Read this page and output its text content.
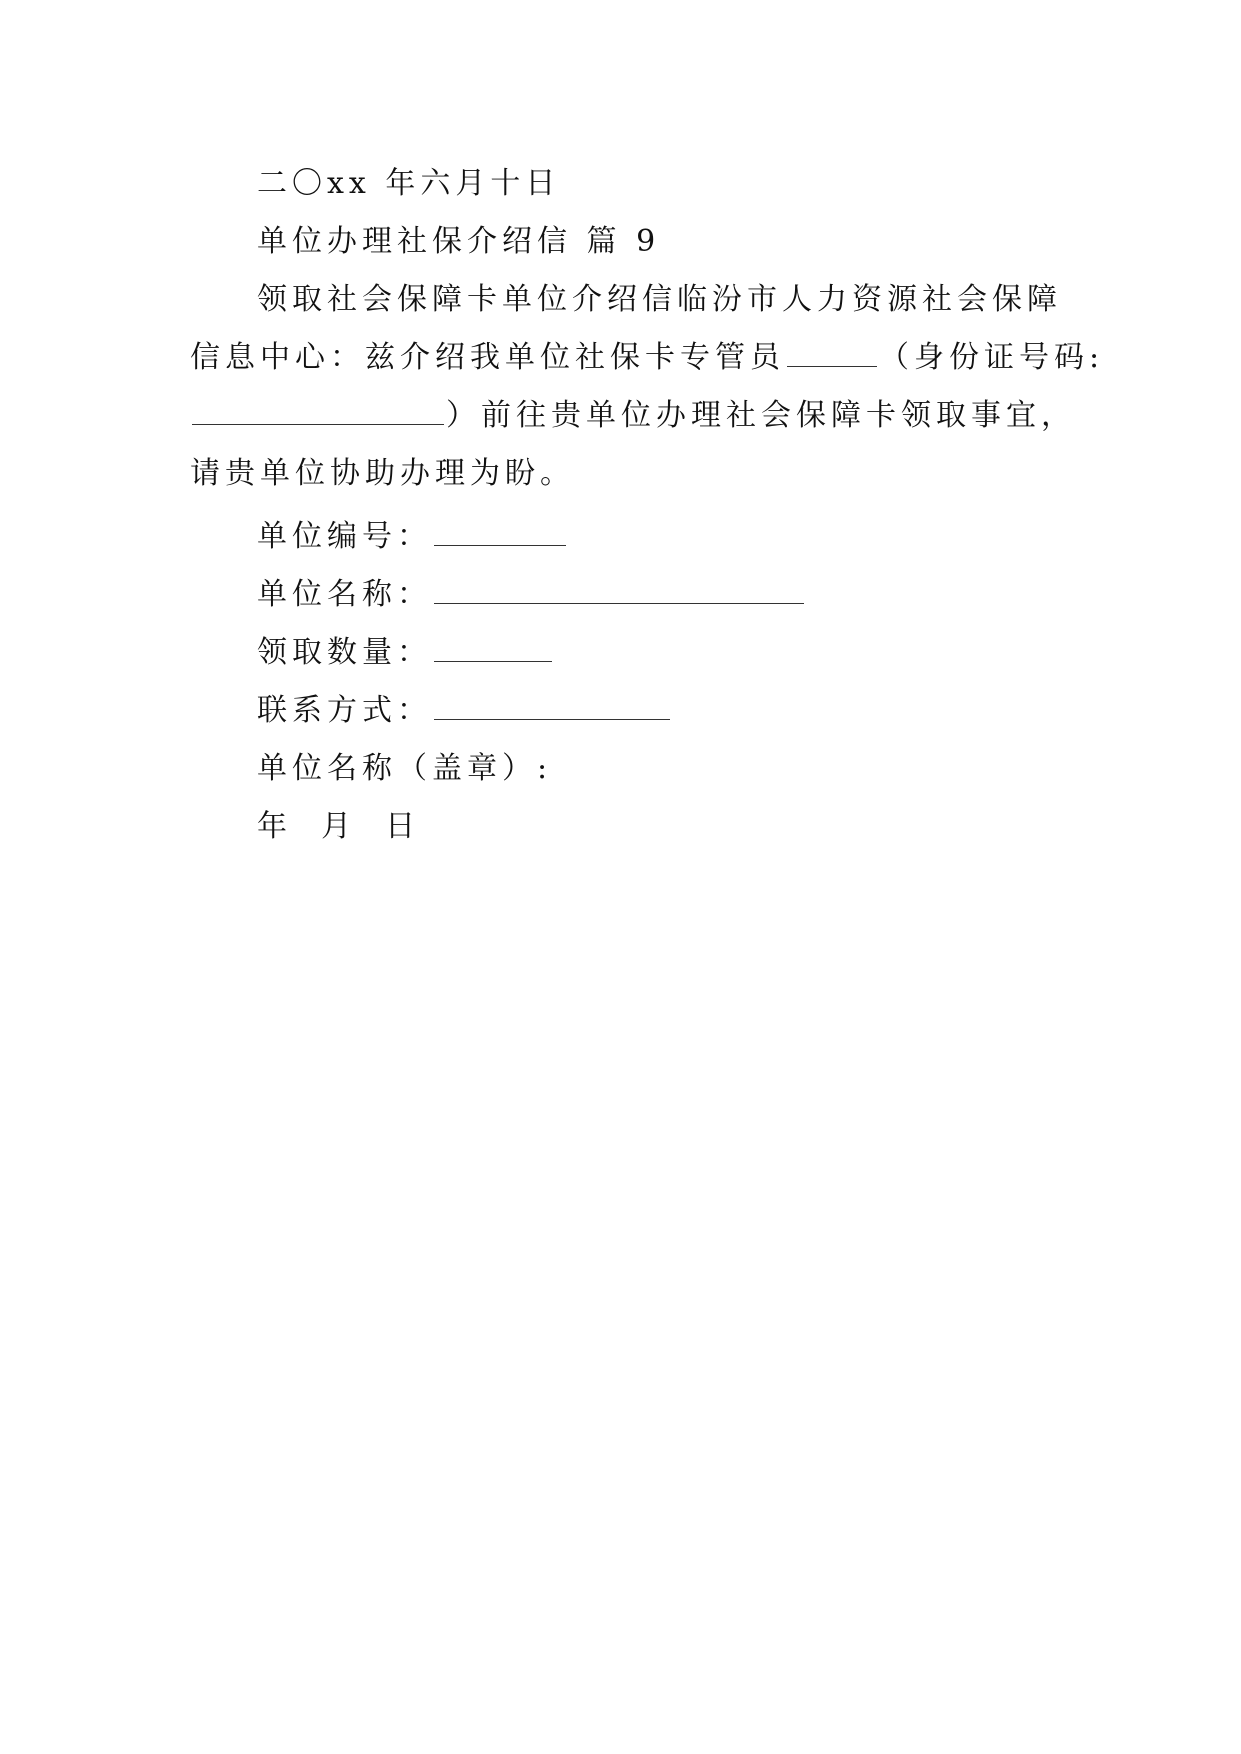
二〇xx 年六月十日
单位办理社保介绍信 篇 9
领取社会保障卡单位介绍信临汾市人力资源社会保障
信息中心：兹介绍我单位社保卡专管员	（身份证号码:
）前往贵单位办理社会保障卡领取事宜，
请贵单位协助办理为盼。
单位编号：
单位名称：
领取数量：
联系方式：
单位名称（盖章）:
年  月  日
